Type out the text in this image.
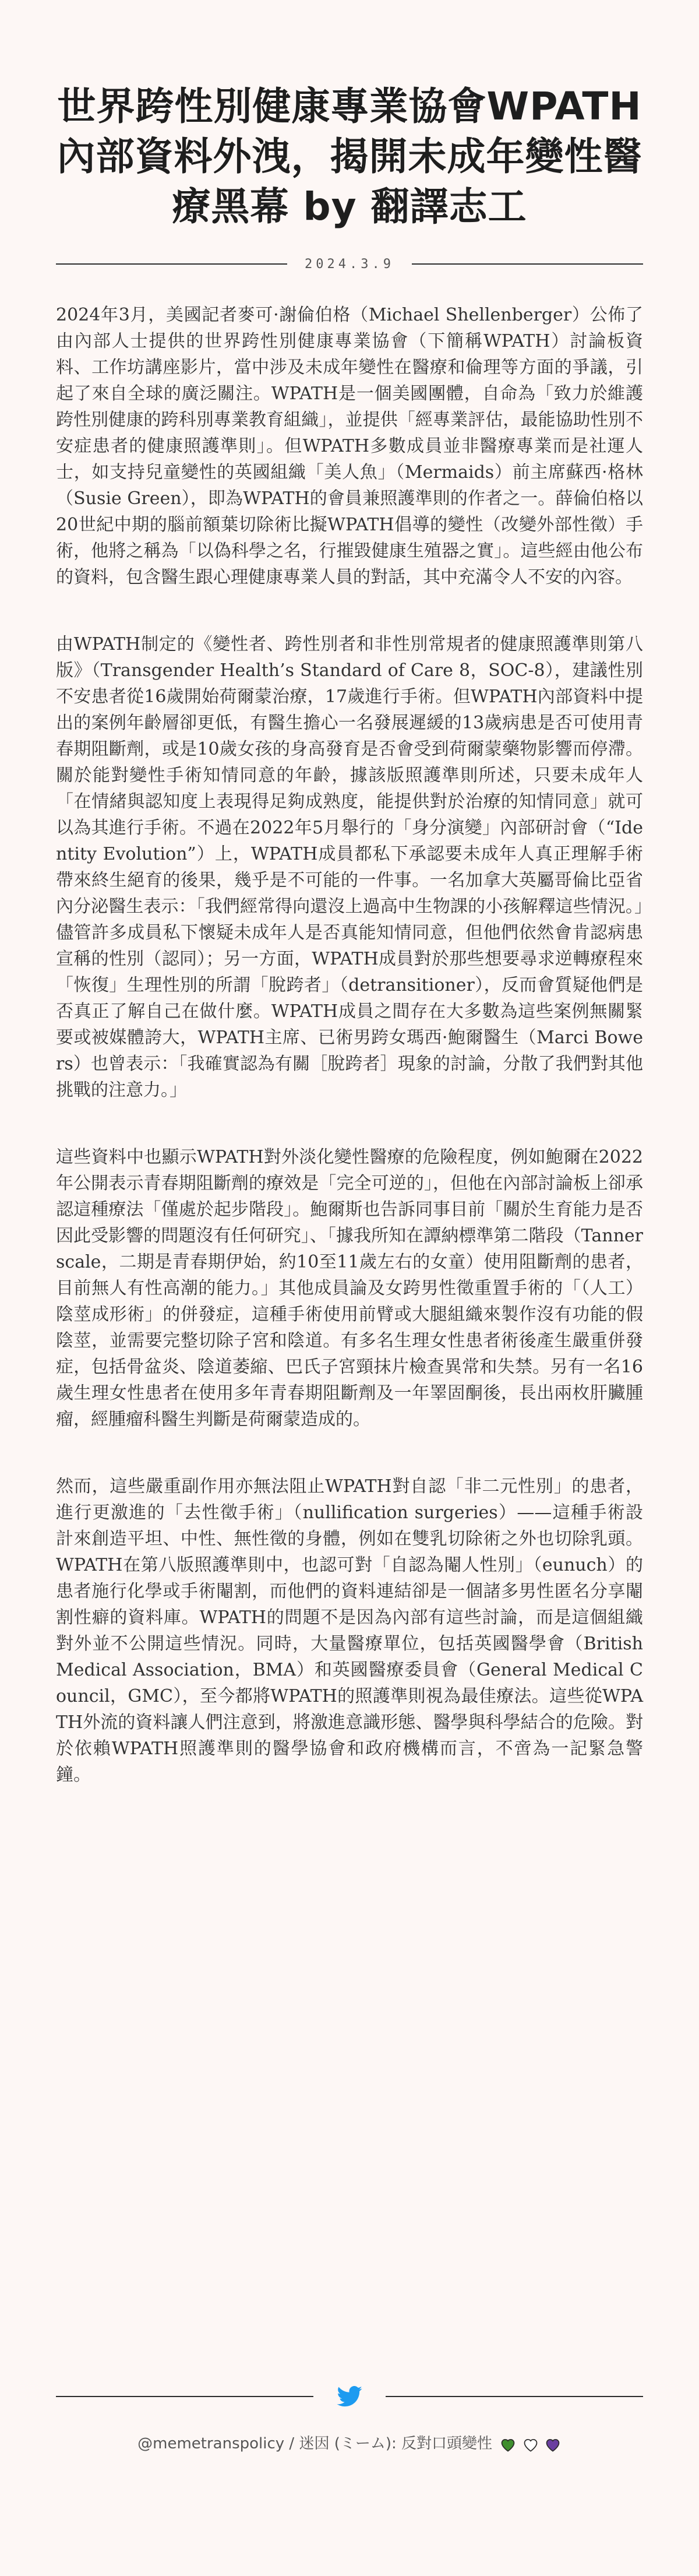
世界跨性別健康專業協會WPATH內部資料外洩，揭開未成年變性醫療黑幕 by 翻譯志工
2024.3.9

2024年3月，美國記者麥可·謝倫伯格（Michael Shellenberger）公佈了由內部人士提供的世界跨性別健康專業協會（下簡稱WPATH）討論板資料、工作坊講座影片，當中涉及未成年變性在醫療和倫理等方面的爭議，引起了來自全球的廣泛關注。WPATH是一個美國團體，自命為「致力於維護跨性別健康的跨科別專業教育組織」，並提供「經專業評估，最能協助性別不安症患者的健康照護準則」。但WPATH多數成員並非醫療專業而是社運人士，如支持兒童變性的英國組織「美人魚」（Mermaids）前主席蘇西·格林（Susie Green），即為WPATH的會員兼照護準則的作者之一。薛倫伯格以20世紀中期的腦前額葉切除術比擬WPATH倡導的變性（改變外部性徵）手術，他將之稱為「以偽科學之名，行摧毀健康生殖器之實」。這些經由他公布的資料，包含醫生跟心理健康專業人員的對話，其中充滿令人不安的內容。

由WPATH制定的《變性者、跨性別者和非性別常規者的健康照護準則第八版》（Transgender Health’s Standard of Care 8，SOC-8），建議性別不安患者從16歲開始荷爾蒙治療，17歲進行手術。但WPATH內部資料中提出的案例年齡層卻更低，有醫生擔心一名發展遲緩的13歲病患是否可使用青春期阻斷劑，或是10歲女孩的身高發育是否會受到荷爾蒙藥物影響而停滯。關於能對變性手術知情同意的年齡，據該版照護準則所述，只要未成年人「在情緒與認知度上表現得足夠成熟度，能提供對於治療的知情同意」就可以為其進行手術。不過在2022年5月舉行的「身分演變」內部研討會（“Identity Evolution”）上，WPATH成員都私下承認要未成年人真正理解手術帶來終生絕育的後果，幾乎是不可能的一件事。一名加拿大英屬哥倫比亞省內分泌醫生表示：「我們經常得向還沒上過高中生物課的小孩解釋這些情況。」儘管許多成員私下懷疑未成年人是否真能知情同意，但他們依然會肯認病患宣稱的性別（認同）；另一方面，WPATH成員對於那些想要尋求逆轉療程來「恢復」生理性別的所謂「脫跨者」（detransitioner），反而會質疑他們是否真正了解自己在做什麼。WPATH成員之間存在大多數為這些案例無關緊要或被媒體誇大，WPATH主席、已術男跨女瑪西·鮑爾醫生（Marci Bowers）也曾表示：「我確實認為有關［脫跨者］現象的討論，分散了我們對其他挑戰的注意力。」

這些資料中也顯示WPATH對外淡化變性醫療的危險程度，例如鮑爾在2022年公開表示青春期阻斷劑的療效是「完全可逆的」，但他在內部討論板上卻承認這種療法「僅處於起步階段」。鮑爾斯也告訴同事目前「關於生育能力是否因此受影響的問題沒有任何研究」、「據我所知在譚納標準第二階段（Tanner scale，二期是青春期伊始，約10至11歲左右的女童）使用阻斷劑的患者，目前無人有性高潮的能力。」其他成員論及女跨男性徵重置手術的「（人工）陰莖成形術」的併發症，這種手術使用前臂或大腿組織來製作沒有功能的假陰莖，並需要完整切除子宮和陰道。有多名生理女性患者術後產生嚴重併發症，包括骨盆炎、陰道萎縮、巴氏子宮頸抹片檢查異常和失禁。另有一名16歲生理女性患者在使用多年青春期阻斷劑及一年睪固酮後，長出兩枚肝臟腫瘤，經腫瘤科醫生判斷是荷爾蒙造成的。

然而，這些嚴重副作用亦無法阻止WPATH對自認「非二元性別」的患者，進行更激進的「去性徵手術」（nullification surgeries）——這種手術設計來創造平坦、中性、無性徵的身體，例如在雙乳切除術之外也切除乳頭。WPATH在第八版照護準則中，也認可對「自認為閹人性別」（eunuch）的患者施行化學或手術閹割，而他們的資料連結卻是一個諸多男性匿名分享閹割性癖的資料庫。WPATH的問題不是因為內部有這些討論，而是這個組織對外並不公開這些情況。同時，大量醫療單位，包括英國醫學會（British Medical Association，BMA）和英國醫療委員會（General Medical Council，GMC），至今都將WPATH的照護準則視為最佳療法。這些從WPATH外流的資料讓人們注意到，將激進意識形態、醫學與科學結合的危險。對於依賴WPATH照護準則的醫學協會和政府機構而言，不啻為一記緊急警鐘。

@memetranspolicy / 迷因 (ミーム): 反對口頭變性
